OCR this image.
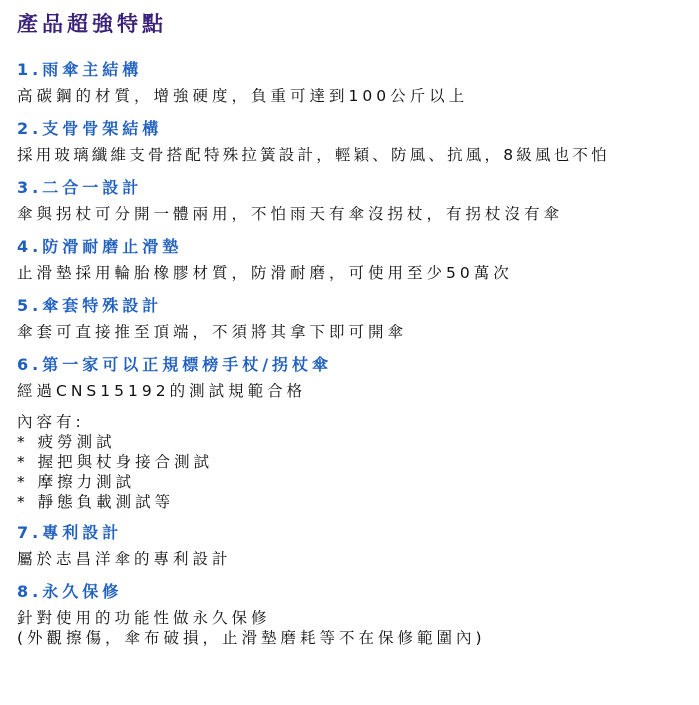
產品超強特點
1.雨傘主結構
高碳鋼的材質，增強硬度，負重可達到100公斤以上
2.支骨骨架結構
採用玻璃纖維支骨搭配特殊拉簧設計，輕穎、防風、抗風，8級風也不怕
3.二合一設計
傘與拐杖可分開一體兩用，不怕雨天有傘沒拐杖，有拐杖沒有傘
4.防滑耐磨止滑墊
止滑墊採用輪胎橡膠材質，防滑耐磨，可使用至少50萬次
5.傘套特殊設計
傘套可直接推至頂端，不須將其拿下即可開傘
6.第一家可以正規標榜手杖/拐杖傘
經過CNS15192的測試規範合格
內容有:
* 疲勞測試
* 握把與杖身接合測試
* 摩擦力測試
* 靜態負載測試等
7.專利設計
屬於志昌洋傘的專利設計
8.永久保修
針對使用的功能性做永久保修
(外觀擦傷，傘布破損，止滑墊磨耗等不在保修範圍內)
